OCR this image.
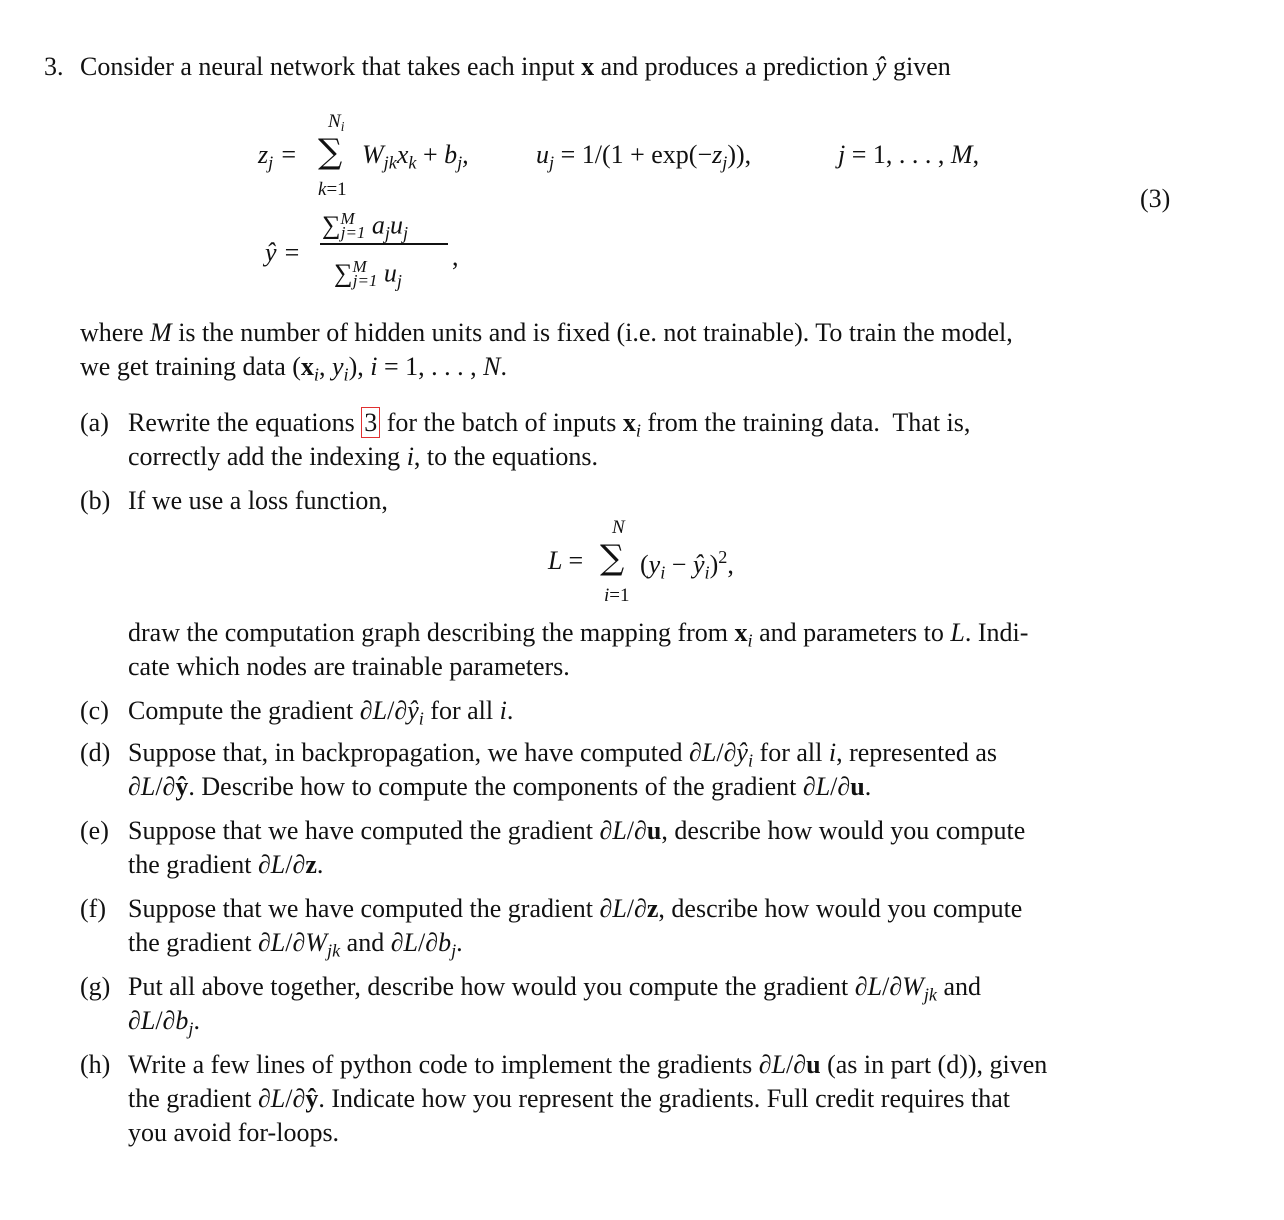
3. Consider a neural network that takes each input x and produces a prediction ŷ given
$N_i$
$z_j$ = ∑ $W_{jk}x_k + b_j$,
k=1
$u_j = 1/(1 + \exp(-z_j))$,	j = 1, . . . , M,
(3)
ŷ =
∑$^M_{j=1}$ $a_ju_j$
,
∑$^M_{j=1}$ $u_j$
where M is the number of hidden units and is fixed (i.e. not trainable). To train the model,
we get training data ($x_i$, $y_i$), i = 1, . . . , N.
(a) Rewrite the equations 3 for the batch of inputs $x_i$ from the training data.  That is,
correctly add the indexing i, to the equations.
(b) If we use a loss function,
N
L = ∑ ($y_i$ − $ŷ_i)^2$,
i=1
draw the computation graph describing the mapping from $x_i$ and parameters to L. Indi-
cate which nodes are trainable parameters.
(c) Compute the gradient $\partial L/\partial ŷ_i$ for all i.
(d) Suppose that, in backpropagation, we have computed $\partial L/\partial ŷ_i$ for all i, represented as
∂L/∂ŷ. Describe how to compute the components of the gradient ∂L/∂u.
(e) Suppose that we have computed the gradient ∂L/∂u, describe how would you compute
the gradient ∂L/∂z.
(f) Suppose that we have computed the gradient ∂L/∂z, describe how would you compute
the gradient $\partial L/\partial W_{jk}$ and $\partial L/\partial b_j$.
(g) Put all above together, describe how would you compute the gradient $\partial L/\partial W_{jk}$ and
$\partial L/\partial b_j$.
(h) Write a few lines of python code to implement the gradients ∂L/∂u (as in part (d)), given
the gradient ∂L/∂ŷ. Indicate how you represent the gradients. Full credit requires that
you avoid for-loops.
